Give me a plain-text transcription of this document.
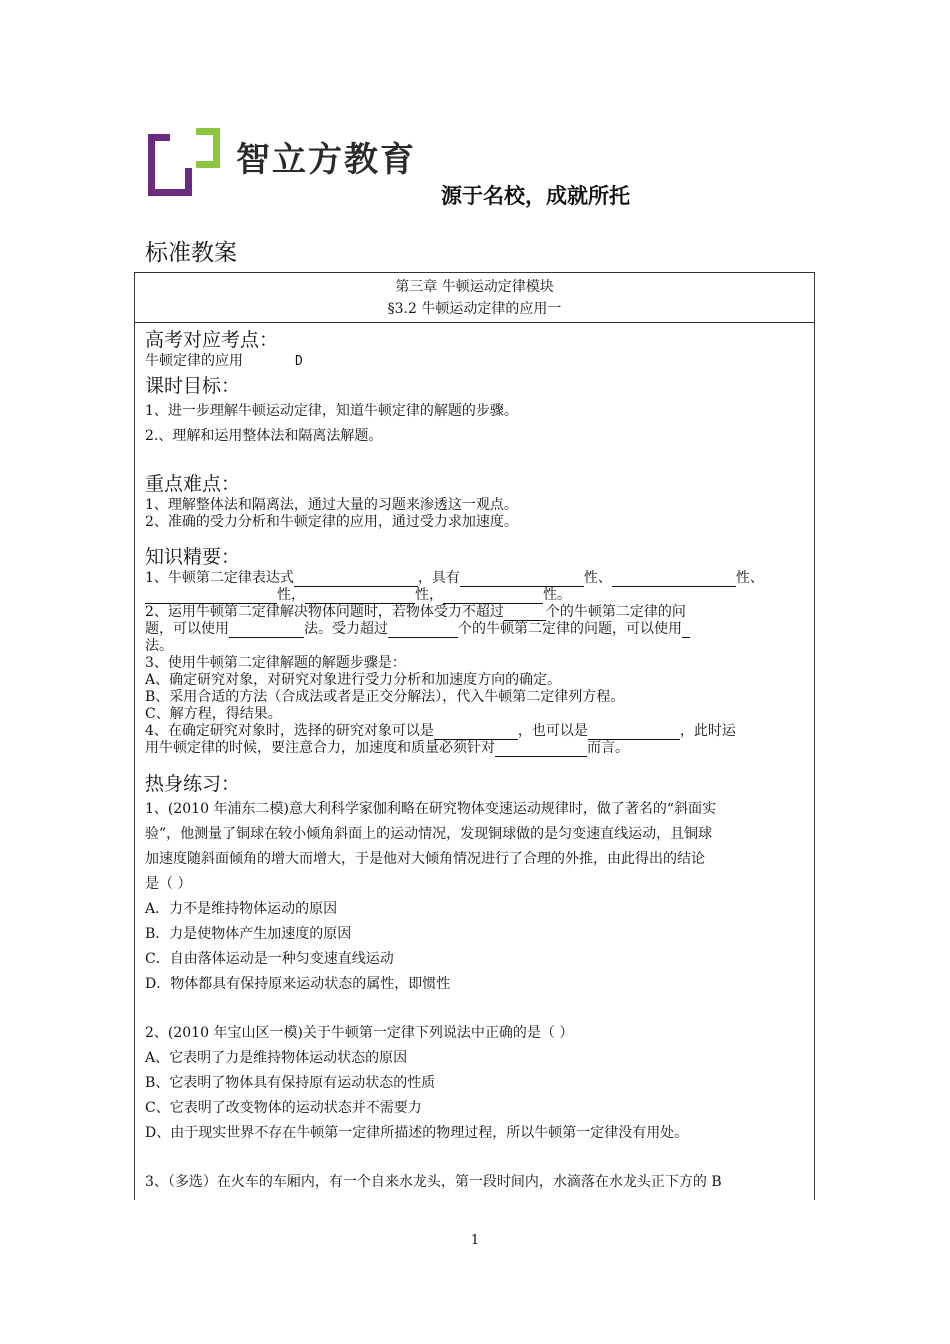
智立方教育
源于名校，成就所托
标准教案
第三章 牛顿运动定律模块
§3.2 牛顿运动定律的应用一
高考对应考点：
牛顿定律的应用	D
课时目标：
1、进一步理解牛顿运动定律，知道牛顿定律的解题的步骤。
2.、理解和运用整体法和隔离法解题。
重点难点：
1、理解整体法和隔离法，通过大量的习题来渗透这一观点。
2、准确的受力分析和牛顿定律的应用，通过受力求加速度。
知识精要：
1、牛顿第二定律表达式	，具有	性、	性、
性，	性，	性。
2、运用牛顿第二定律解决物体问题时，若物体受力不超过	个的牛顿第二定律的问
题，可以使用	法。受力超过	个的牛顿第二定律的问题，可以使用
法。
3、使用牛顿第二定律解题的解题步骤是：
A、确定研究对象，对研究对象进行受力分析和加速度方向的确定。
B、采用合适的方法（合成法或者是正交分解法），代入牛顿第二定律列方程。
C、解方程，得结果。
4、在确定研究对象时，选择的研究对象可以是	，也可以是	，此时运
用牛顿定律的时候，要注意合力，加速度和质量必须针对	而言。
热身练习：
1、(2010 年浦东二模)意大利科学家伽利略在研究物体变速运动规律时，做了著名的“斜面实
验”，他测量了铜球在较小倾角斜面上的运动情况，发现铜球做的是匀变速直线运动，且铜球
加速度随斜面倾角的增大而增大，于是他对大倾角情况进行了合理的外推，由此得出的结论
是（ ）
A．力不是维持物体运动的原因
B．力是使物体产生加速度的原因
C．自由落体运动是一种匀变速直线运动
D．物体都具有保持原来运动状态的属性，即惯性
2、(2010 年宝山区一模)关于牛顿第一定律下列说法中正确的是（ ）
A、它表明了力是维持物体运动状态的原因
B、它表明了物体具有保持原有运动状态的性质
C、它表明了改变物体的运动状态并不需要力
D、由于现实世界不存在牛顿第一定律所描述的物理过程，所以牛顿第一定律没有用处。
3、（多选）在火车的车厢内，有一个自来水龙头，第一段时间内，水滴落在水龙头正下方的 B
1
